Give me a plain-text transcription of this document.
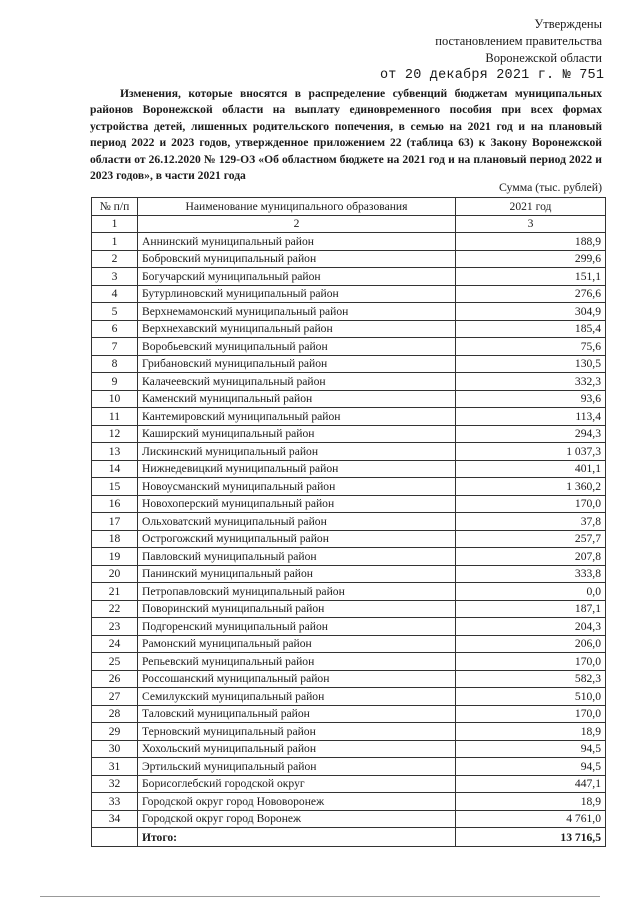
Утверждены
постановлением правительства
Воронежской области
от 20 декабря 2021 г. № 751
Изменения, которые вносятся в распределение субвенций бюджетам муниципальных районов Воронежской области на выплату единовременного пособия при всех формах устройства детей, лишенных родительского попечения, в семью на 2021 год и на плановый период 2022 и 2023 годов, утвержденное приложением 22 (таблица 63) к Закону Воронежской области от 26.12.2020 № 129-ОЗ «Об областном бюджете на 2021 год и на плановый период 2022 и 2023 годов», в части 2021 года
Сумма (тыс. рублей)
№ п/п	Наименование муниципального образования	2021 год
1	2	3
1	Аннинский муниципальный район	188,9
2	Бобровский муниципальный район	299,6
3	Богучарский муниципальный район	151,1
4	Бутурлиновский муниципальный район	276,6
5	Верхнемамонский муниципальный район	304,9
6	Верхнехавский муниципальный район	185,4
7	Воробьевский муниципальный район	75,6
8	Грибановский муниципальный район	130,5
9	Калачеевский муниципальный район	332,3
10	Каменский муниципальный район	93,6
11	Кантемировский муниципальный район	113,4
12	Каширский муниципальный район	294,3
13	Лискинский муниципальный район	1 037,3
14	Нижнедевицкий муниципальный район	401,1
15	Новоусманский муниципальный район	1 360,2
16	Новохоперский муниципальный район	170,0
17	Ольховатский муниципальный район	37,8
18	Острогожский муниципальный район	257,7
19	Павловский муниципальный район	207,8
20	Панинский муниципальный район	333,8
21	Петропавловский муниципальный район	0,0
22	Поворинский муниципальный район	187,1
23	Подгоренский муниципальный район	204,3
24	Рамонский муниципальный район	206,0
25	Репьевский муниципальный район	170,0
26	Россошанский муниципальный район	582,3
27	Семилукский муниципальный район	510,0
28	Таловский муниципальный район	170,0
29	Терновский муниципальный район	18,9
30	Хохольский муниципальный район	94,5
31	Эртильский муниципальный район	94,5
32	Борисоглебский городской округ	447,1
33	Городской округ город Нововоронеж	18,9
34	Городской округ город Воронеж	4 761,0
	Итого:	13 716,5
